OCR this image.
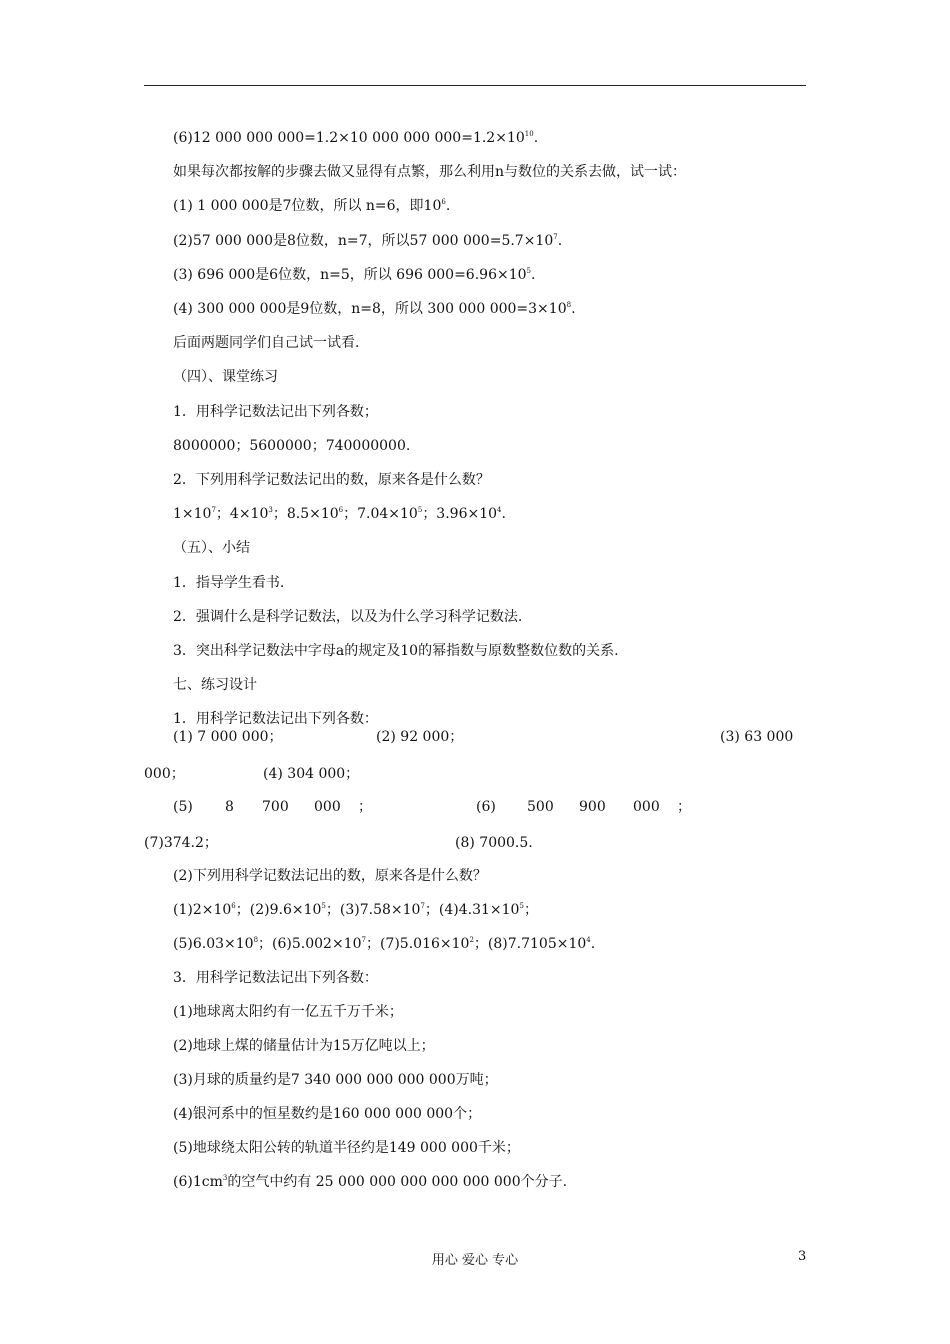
(6)12 000 000 000=1.2×10 000 000 $000=1.2\times 10^{10}$.
如果每次都按解的步骤去做又显得有点繁，那么利用n与数位的关系去做，试一试：
(1) 1 000 000是7位数，所以 n=6，即$10^6$.
(2)57 000 000是8位数，n=7，所以57 000 $000=5.7\times 10^7$.
(3) 696 000是6位数，n=5，所以 696 $000=6.96\times 10^5$.
(4) 300 000 000是9位数，n=8，所以 300 000 $000=3\times 10^8$.
后面两题同学们自己试一试看.
（四）、课堂练习
1．用科学记数法记出下列各数；
8000000；5600000；740000000.
2．下列用科学记数法记出的数，原来各是什么数？
$1\times 10^7$；$4\times 10^3$；$8.5\times 10^6$；$7.04\times 10^5$；$3.96\times 10^4$.
（五）、小结
1．指导学生看书.
2．强调什么是科学记数法，以及为什么学习科学记数法.
3．突出科学记数法中字母a的规定及10的幂指数与原数整数位数的关系.
七、练习设计
1．用科学记数法记出下列各数：
(1) 7 000 000；	(2) 92 000；	(3) 63 000
000；	(4) 304 000；
(5) 8 700 000 ；	(6) 500 900 000 ；
(7)374.2；	(8) 7000.5.
(2)下列用科学记数法记出的数，原来各是什么数？
$(1)2\times 10^6$；$(2)9.6\times 10^5$；$(3)7.58\times 10^7$；$(4)4.31\times 10^5$；
$(5)6.03\times 10^8$；$(6)5.002\times 10^7$；$(7)5.016\times 10^2$；$(8)7.7105\times 10^4$.
3．用科学记数法记出下列各数：
(1)地球离太阳约有一亿五千万千米；
(2)地球上煤的储量估计为15万亿吨以上；
(3)月球的质量约是7 340 000 000 000 000万吨；
(4)银河系中的恒星数约是160 000 000 000个；
(5)地球绕太阳公转的轨道半径约是149 000 000千米；
$(6)1cm^3$的空气中约有 25 000 000 000 000 000 000个分子.
用心 爱心 专心	3
